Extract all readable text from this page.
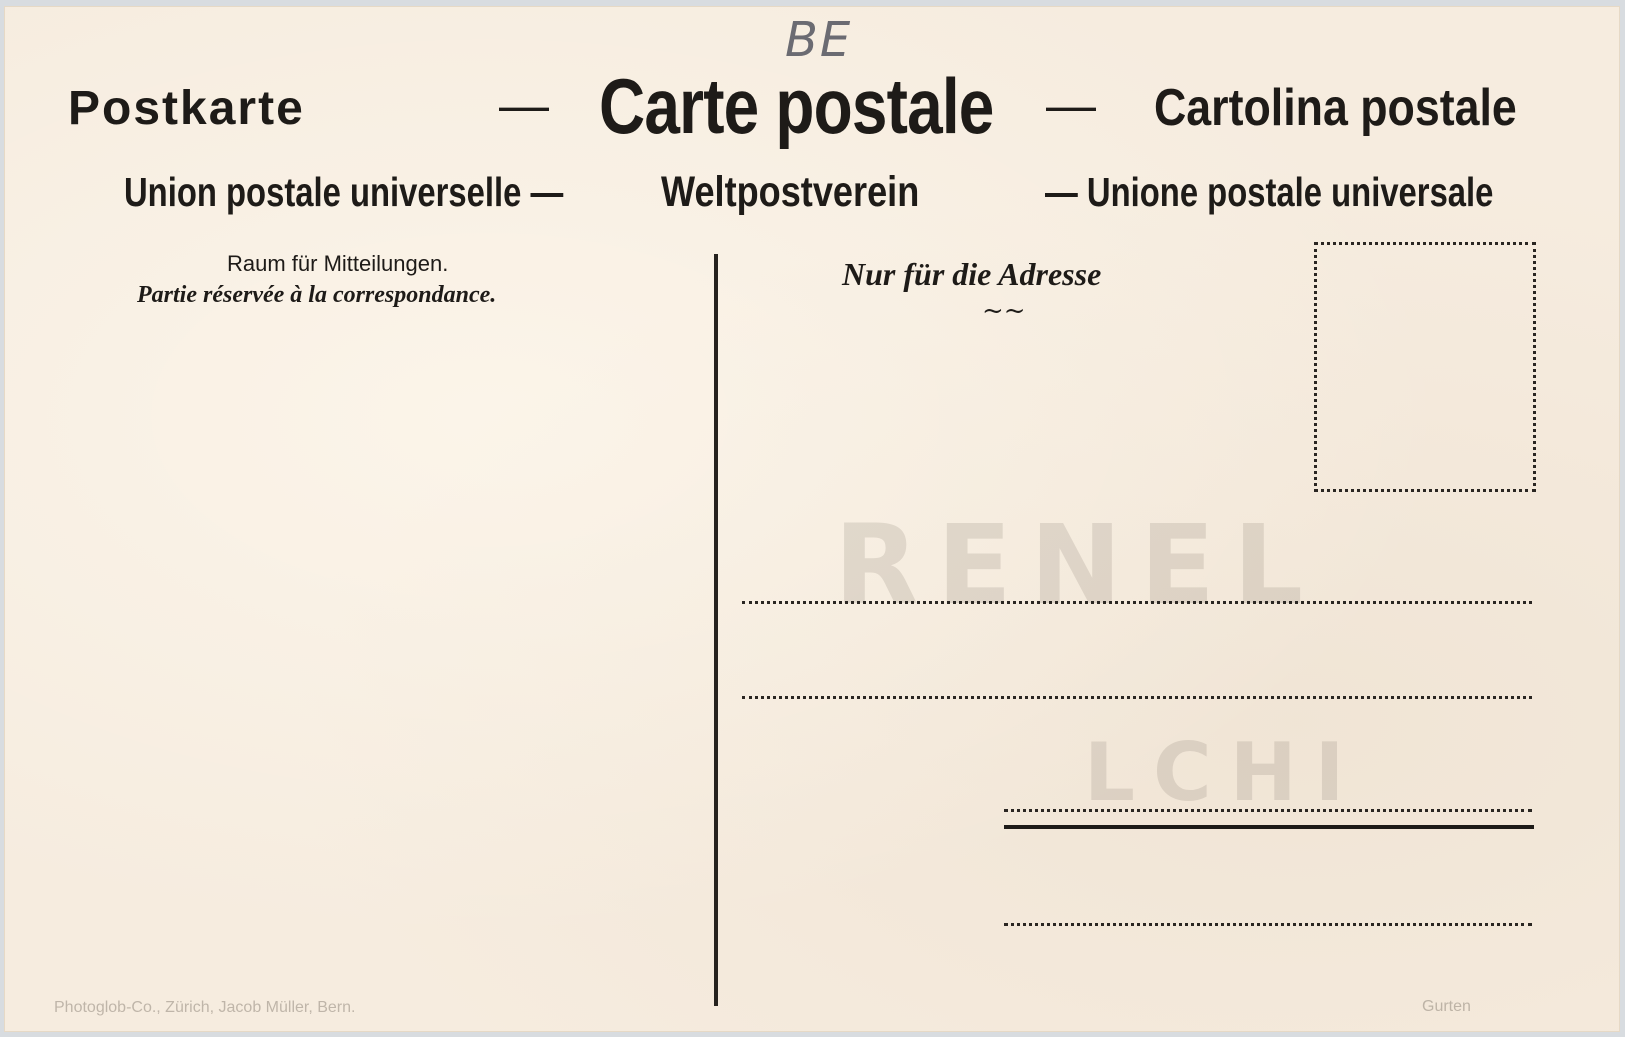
BE
Postkarte	— Carte postale — Cartolina postale
Union postale universelle — Weltpostverein	— Unione postale universale
Raum für Mitteilungen.
Partie réservée à la correspondance.
Nur für die Adresse
~~
RENEL
LCHI
Photoglob-Co., Zürich, Jacob Müller, Bern.	Gurten
